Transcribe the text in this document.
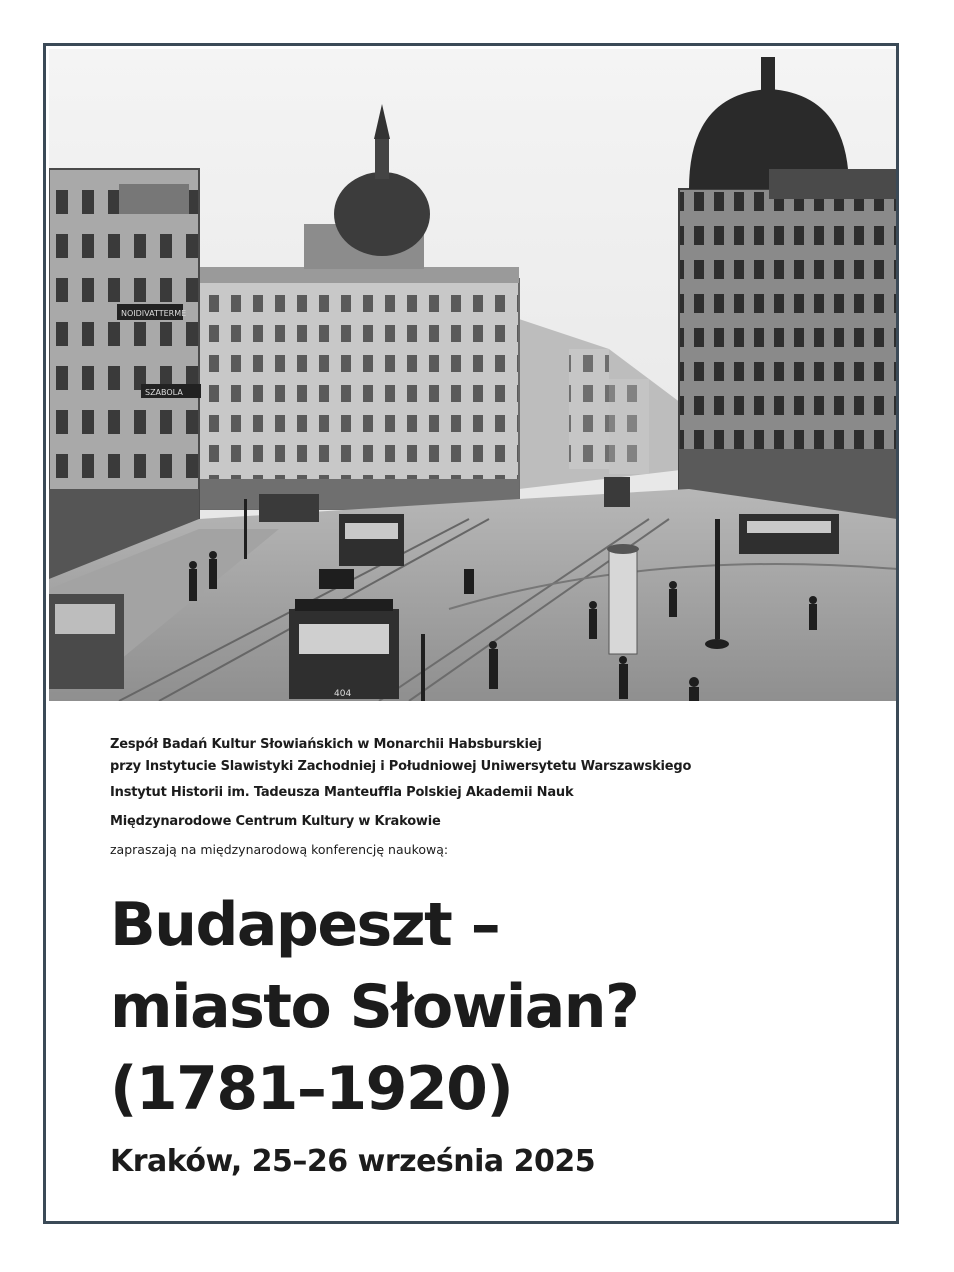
NOIDIVATTERME
SZABOLA
404
Zespół Badań Kultur Słowiańskich w Monarchii Habsburskiej
przy Instytucie Slawistyki Zachodniej i Południowej Uniwersytetu Warszawskiego
Instytut Historii im. Tadeusza Manteuffla Polskiej Akademii Nauk
Międzynarodowe Centrum Kultury w Krakowie
zapraszają na międzynarodową konferencję naukową:
Budapeszt –
miasto Słowian?
(1781–1920)
Kraków, 25–26 września 2025
